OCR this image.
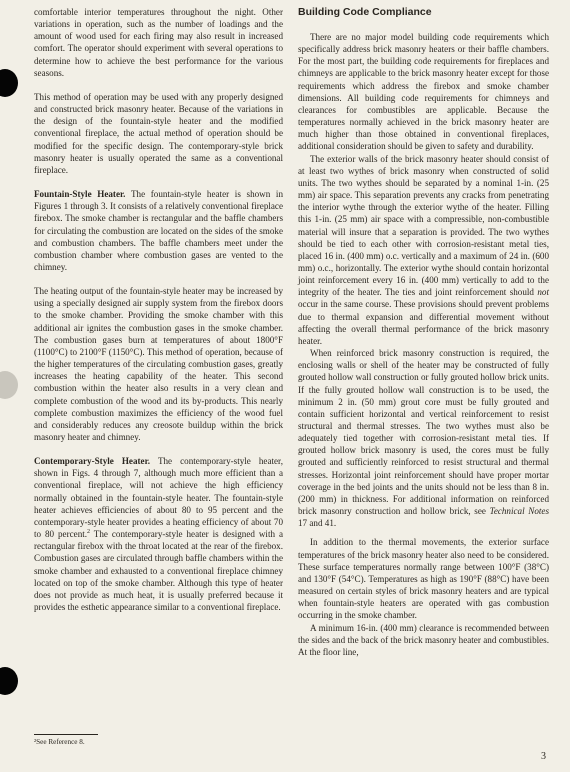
comfortable interior temperatures throughout the night. Other variations in operation, such as the number of loadings and the amount of wood used for each firing may also result in increased comfort. The operator should experiment with several operations to determine how to achieve the best performance for the various seasons.

This method of operation may be used with any properly designed and constructed brick masonry heater. Because of the variations in the design of the fountain-style heater and the modified conventional fireplace, the actual method of operation should be modified for the specific design. The contemporary-style brick masonry heater is usually operated the same as a conventional fireplace.

Fountain-Style Heater. The fountain-style heater is shown in Figures 1 through 3. It consists of a relatively conventional fireplace firebox. The smoke chamber is rectangular and the baffle chambers for circulating the combustion are located on the sides of the smoke and combustion chambers. The baffle chambers meet under the combustion chamber where combustion gases are vented to the chimney.

The heating output of the fountain-style heater may be increased by using a specially designed air supply system from the firebox doors to the smoke chamber. Providing the smoke chamber with this additional air ignites the combustion gases in the smoke chamber. The combustion gases burn at temperatures of about 1800°F (1100°C) to 2100°F (1150°C). This method of operation, because of the higher temperatures of the circulating combustion gases, greatly increases the heating capability of the heater. This second combustion within the heater also results in a very clean and complete combustion of the wood and its by-products. This nearly complete combustion maximizes the efficiency of the wood fuel and considerably reduces any creosote buildup within the brick masonry heater and chimney.

Contemporary-Style Heater. The contemporary-style heater, shown in Figs. 4 through 7, although much more efficient than a conventional fireplace, will not achieve the high efficiency normally obtained in the fountain-style heater. The fountain-style heater achieves efficiencies of about 80 to 95 percent and the contemporary-style heater provides a heating efficiency of about 70 to 80 percent.$^2$ The contemporary-style heater is designed with a rectangular firebox with the throat located at the rear of the firebox. Combustion gases are circulated through baffle chambers within the smoke chamber and exhausted to a conventional fireplace chimney located on top of the smoke chamber. Although this type of heater does not provide as much heat, it is usually preferred because it provides the esthetic appearance similar to a conventional fireplace.

²See Reference 8.
Building Code Compliance

There are no major model building code requirements which specifically address brick masonry heaters or their baffle chambers. For the most part, the building code requirements for fireplaces and chimneys are applicable to the brick masonry heater except for those requirements which address the firebox and smoke chamber dimensions. All building code requirements for chimneys and clearances for combustibles are applicable. Because the temperatures normally achieved in the brick masonry heater are much higher than those obtained in conventional fireplaces, additional consideration should be given to safety and durability.

The exterior walls of the brick masonry heater should consist of at least two wythes of brick masonry when constructed of solid units. The two wythes should be separated by a nominal 1-in. (25 mm) air space. This separation prevents any cracks from penetrating the interior wythe through the exterior wythe of the heater. Filling this 1-in. (25 mm) air space with a compressible, non-combustible material will insure that a separation is provided. The two wythes should be tied to each other with corrosion-resistant metal ties, placed 16 in. (400 mm) o.c. vertically and a maximum of 24 in. (600 mm) o.c., horizontally. The exterior wythe should contain horizontal joint reinforcement every 16 in. (400 mm) vertically to add to the integrity of the heater. The ties and joint reinforcement should not occur in the same course. These provisions should prevent problems due to thermal expansion and differential movement without affecting the overall thermal performance of the brick masonry heater.

When reinforced brick masonry construction is required, the enclosing walls or shell of the heater may be constructed of fully grouted hollow wall construction or fully grouted hollow brick units. If the fully grouted hollow wall construction is to be used, the minimum 2 in. (50 mm) grout core must be fully grouted and contain sufficient horizontal and vertical reinforcement to resist structural and thermal stresses. The two wythes must also be adequately tied together with corrosion-resistant metal ties. If grouted hollow brick masonry is used, the cores must be fully grouted and sufficiently reinforced to resist structural and thermal stresses. Horizontal joint reinforcement should have proper mortar coverage in the bed joints and the units should not be less than 8 in. (200 mm) in thickness. For additional information on reinforced brick masonry construction and hollow brick, see Technical Notes 17 and 41.

In addition to the thermal movements, the exterior surface temperatures of the brick masonry heater also need to be considered. These surface temperatures normally range between 100°F (38°C) and 130°F (54°C). Temperatures as high as 190°F (88°C) have been measured on certain styles of brick masonry heaters and are typical when fountain-style heaters are operated with gas combustion occurring in the smoke chamber.

A minimum 16-in. (400 mm) clearance is recommended between the sides and the back of the brick masonry heater and combustibles. At the floor line,

3
